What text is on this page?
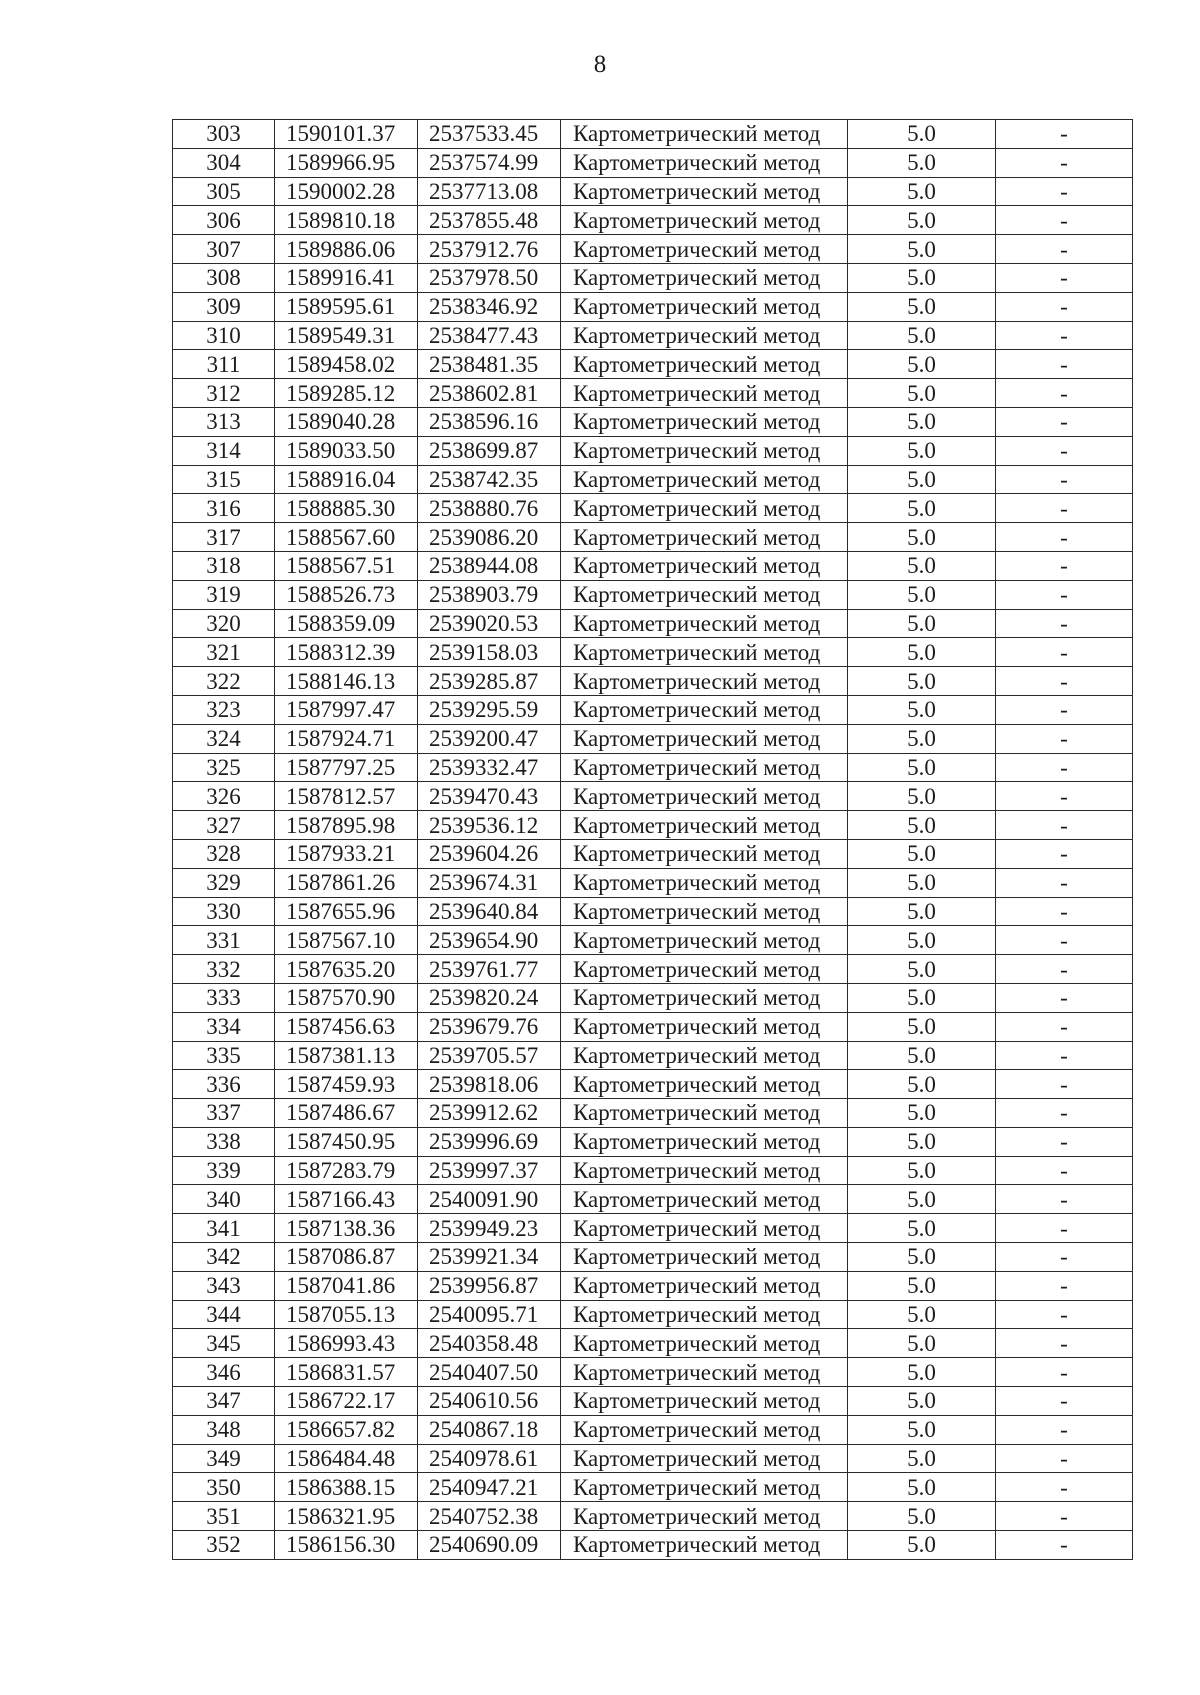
8
303	1590101.37	2537533.45	Картометрический метод	5.0	-
304	1589966.95	2537574.99	Картометрический метод	5.0	-
305	1590002.28	2537713.08	Картометрический метод	5.0	-
306	1589810.18	2537855.48	Картометрический метод	5.0	-
307	1589886.06	2537912.76	Картометрический метод	5.0	-
308	1589916.41	2537978.50	Картометрический метод	5.0	-
309	1589595.61	2538346.92	Картометрический метод	5.0	-
310	1589549.31	2538477.43	Картометрический метод	5.0	-
311	1589458.02	2538481.35	Картометрический метод	5.0	-
312	1589285.12	2538602.81	Картометрический метод	5.0	-
313	1589040.28	2538596.16	Картометрический метод	5.0	-
314	1589033.50	2538699.87	Картометрический метод	5.0	-
315	1588916.04	2538742.35	Картометрический метод	5.0	-
316	1588885.30	2538880.76	Картометрический метод	5.0	-
317	1588567.60	2539086.20	Картометрический метод	5.0	-
318	1588567.51	2538944.08	Картометрический метод	5.0	-
319	1588526.73	2538903.79	Картометрический метод	5.0	-
320	1588359.09	2539020.53	Картометрический метод	5.0	-
321	1588312.39	2539158.03	Картометрический метод	5.0	-
322	1588146.13	2539285.87	Картометрический метод	5.0	-
323	1587997.47	2539295.59	Картометрический метод	5.0	-
324	1587924.71	2539200.47	Картометрический метод	5.0	-
325	1587797.25	2539332.47	Картометрический метод	5.0	-
326	1587812.57	2539470.43	Картометрический метод	5.0	-
327	1587895.98	2539536.12	Картометрический метод	5.0	-
328	1587933.21	2539604.26	Картометрический метод	5.0	-
329	1587861.26	2539674.31	Картометрический метод	5.0	-
330	1587655.96	2539640.84	Картометрический метод	5.0	-
331	1587567.10	2539654.90	Картометрический метод	5.0	-
332	1587635.20	2539761.77	Картометрический метод	5.0	-
333	1587570.90	2539820.24	Картометрический метод	5.0	-
334	1587456.63	2539679.76	Картометрический метод	5.0	-
335	1587381.13	2539705.57	Картометрический метод	5.0	-
336	1587459.93	2539818.06	Картометрический метод	5.0	-
337	1587486.67	2539912.62	Картометрический метод	5.0	-
338	1587450.95	2539996.69	Картометрический метод	5.0	-
339	1587283.79	2539997.37	Картометрический метод	5.0	-
340	1587166.43	2540091.90	Картометрический метод	5.0	-
341	1587138.36	2539949.23	Картометрический метод	5.0	-
342	1587086.87	2539921.34	Картометрический метод	5.0	-
343	1587041.86	2539956.87	Картометрический метод	5.0	-
344	1587055.13	2540095.71	Картометрический метод	5.0	-
345	1586993.43	2540358.48	Картометрический метод	5.0	-
346	1586831.57	2540407.50	Картометрический метод	5.0	-
347	1586722.17	2540610.56	Картометрический метод	5.0	-
348	1586657.82	2540867.18	Картометрический метод	5.0	-
349	1586484.48	2540978.61	Картометрический метод	5.0	-
350	1586388.15	2540947.21	Картометрический метод	5.0	-
351	1586321.95	2540752.38	Картометрический метод	5.0	-
352	1586156.30	2540690.09	Картометрический метод	5.0	-
